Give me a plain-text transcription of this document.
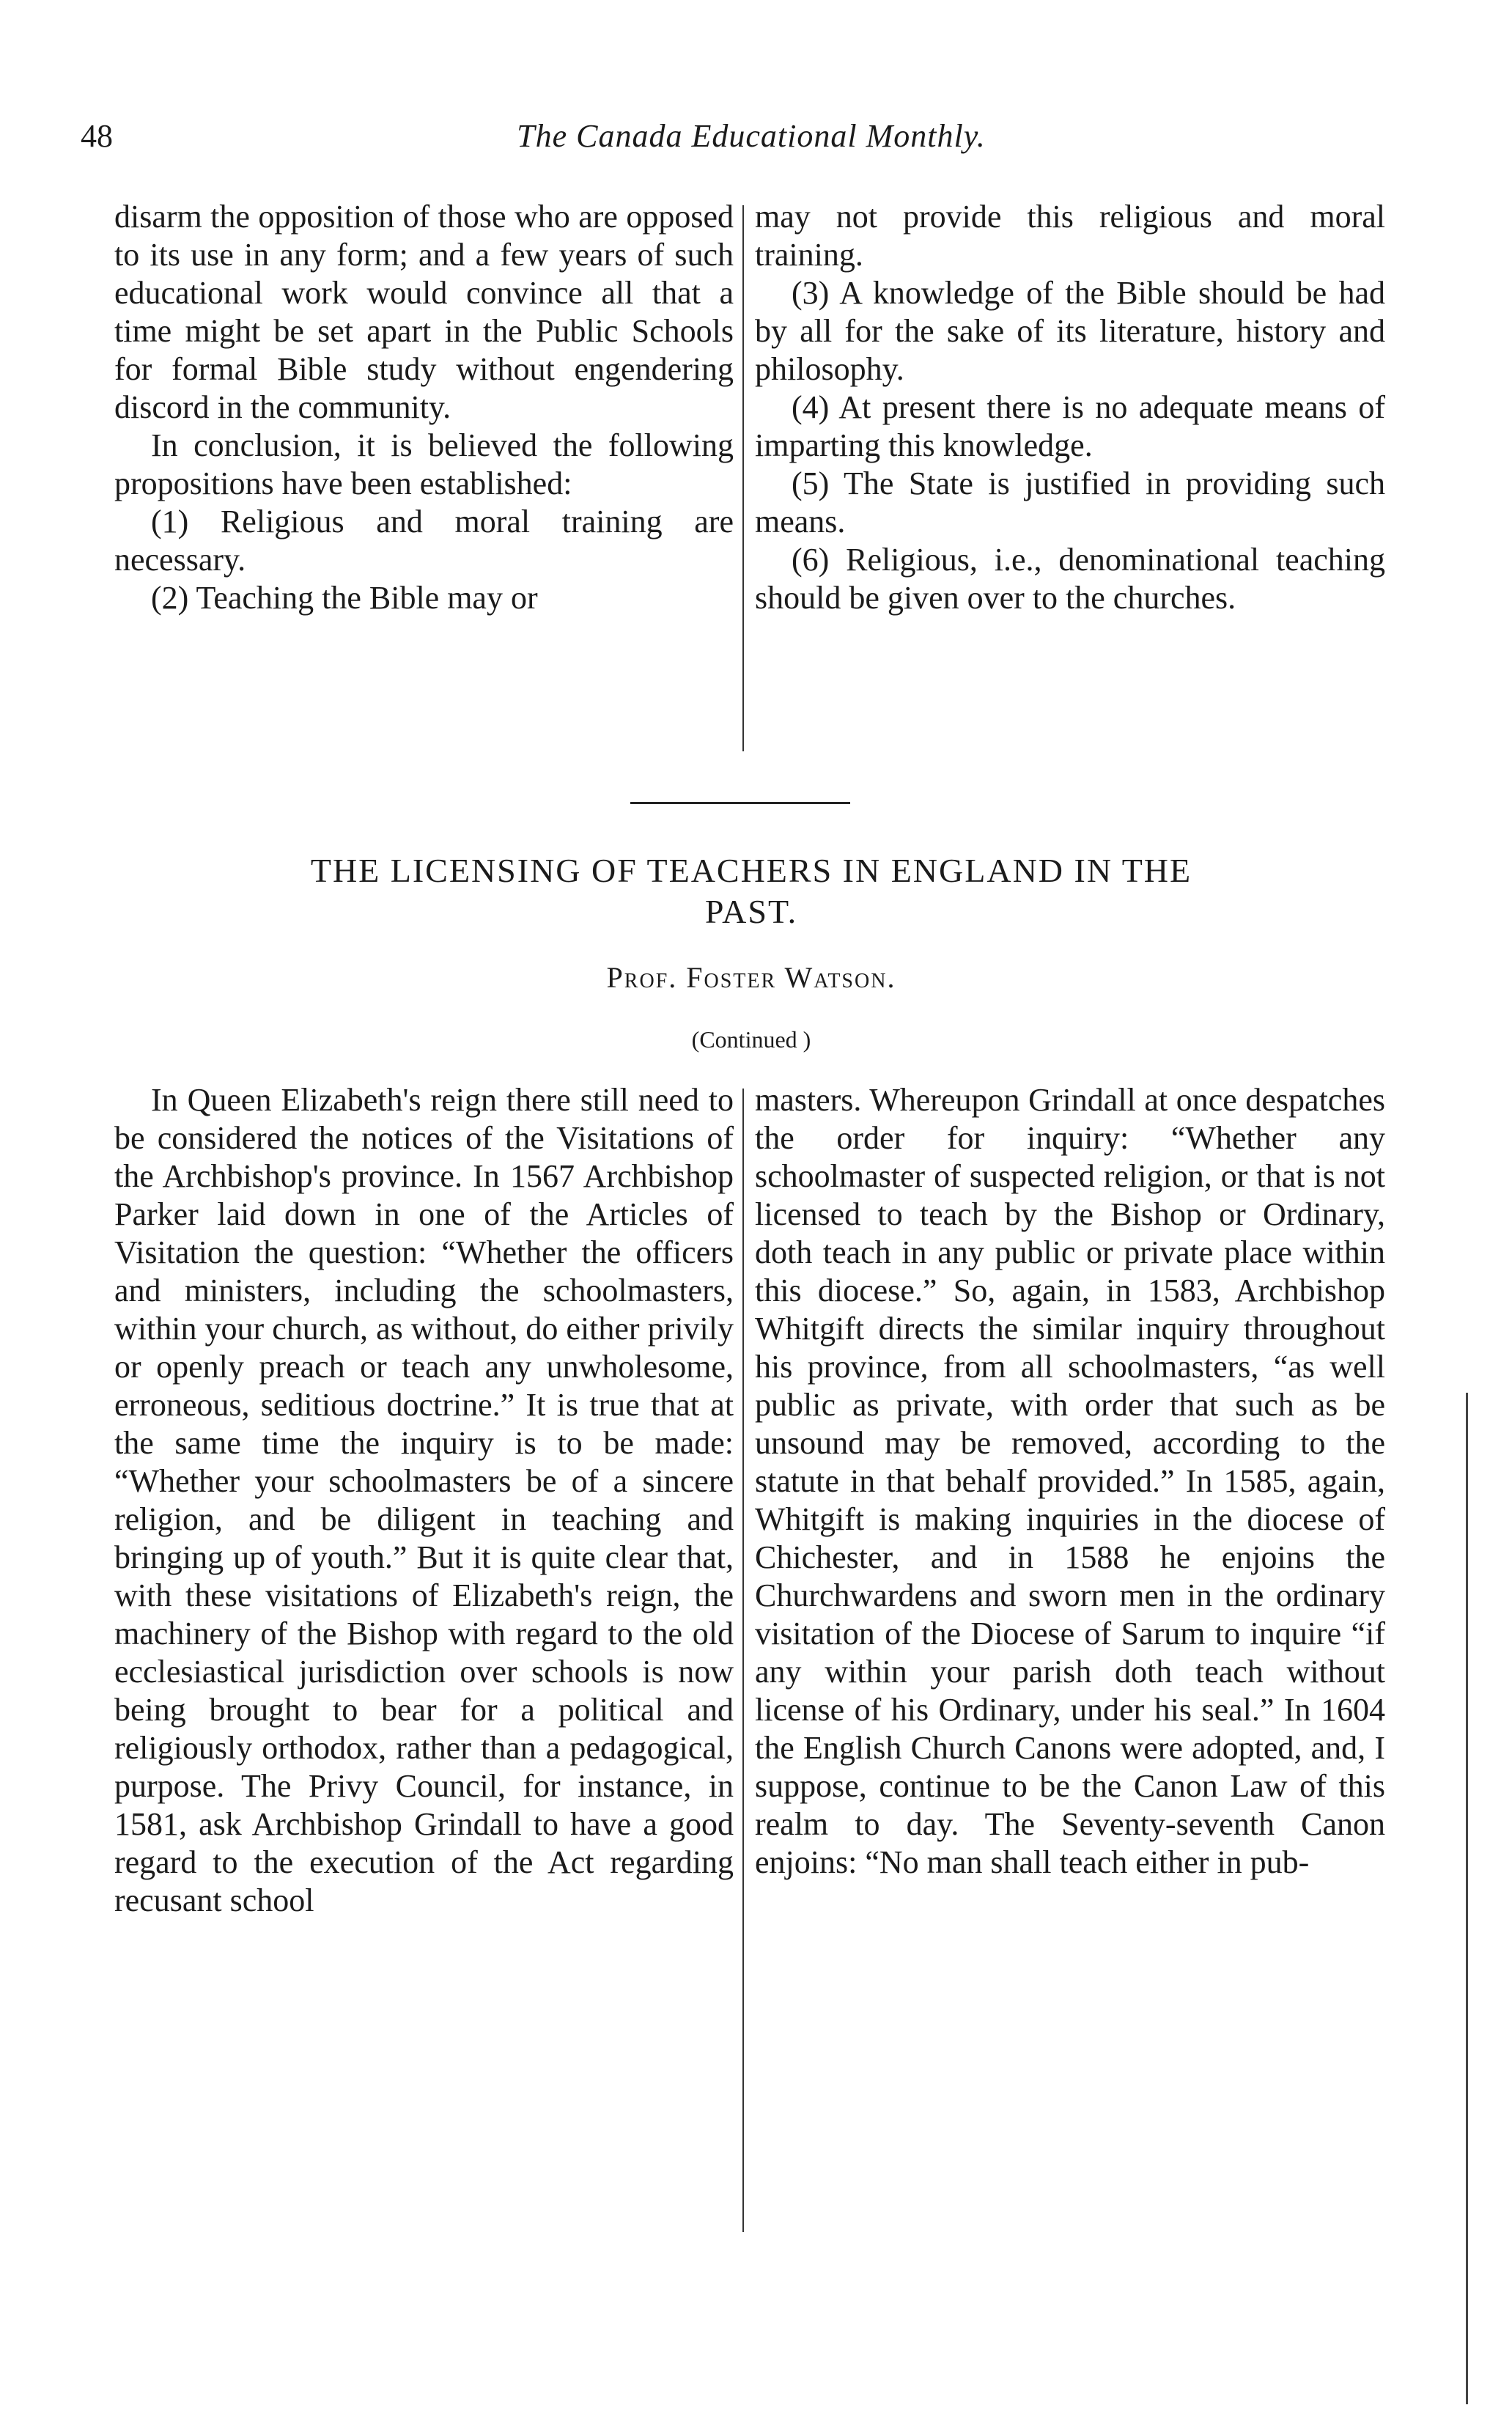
48	The Canada Educational Monthly.

disarm the opposition of those who are opposed to its use in any form; and a few years of such educational work would convince all that a time might be set apart in the Public Schools for formal Bible study without engendering discord in the community.

In conclusion, it is believed the following propositions have been established:

(1) Religious and moral training are necessary.

(2) Teaching the Bible may or

may not provide this religious and moral training.

(3) A knowledge of the Bible should be had by all for the sake of its literature, history and philosophy.

(4) At present there is no adequate means of imparting this knowledge.

(5) The State is justified in providing such means.

(6) Religious, i.e., denominational teaching should be given over to the churches.

THE LICENSING OF TEACHERS IN ENGLAND IN THE
PAST.
Prof. Foster Watson.
(Continued )

In Queen Elizabeth's reign there still need to be considered the notices of the Visitations of the Archbishop's province. In 1567 Archbishop Parker laid down in one of the Articles of Visitation the question: “Whether the officers and ministers, including the schoolmasters, within your church, as without, do either privily or openly preach or teach any unwholesome, erroneous, seditious doctrine.” It is true that at the same time the inquiry is to be made: “Whether your schoolmasters be of a sincere religion, and be diligent in teaching and bringing up of youth.” But it is quite clear that, with these visitations of Elizabeth's reign, the machinery of the Bishop with regard to the old ecclesiastical jurisdiction over schools is now being brought to bear for a political and religiously orthodox, rather than a pedagogical, purpose. The Privy Council, for instance, in 1581, ask Archbishop Grindall to have a good regard to the execution of the Act regarding recusant school

masters. Whereupon Grindall at once despatches the order for inquiry: “Whether any schoolmaster of suspected religion, or that is not licensed to teach by the Bishop or Ordinary, doth teach in any public or private place within this diocese.” So, again, in 1583, Archbishop Whitgift directs the similar inquiry throughout his province, from all schoolmasters, “as well public as private, with order that such as be unsound may be removed, according to the statute in that behalf provided.” In 1585, again, Whitgift is making inquiries in the diocese of Chichester, and in 1588 he enjoins the Churchwardens and sworn men in the ordinary visitation of the Diocese of Sarum to inquire “if any within your parish doth teach without license of his Ordinary, under his seal.” In 1604 the English Church Canons were adopted, and, I suppose, continue to be the Canon Law of this realm to day. The Seventy-seventh Canon enjoins: “No man shall teach either in pub-
